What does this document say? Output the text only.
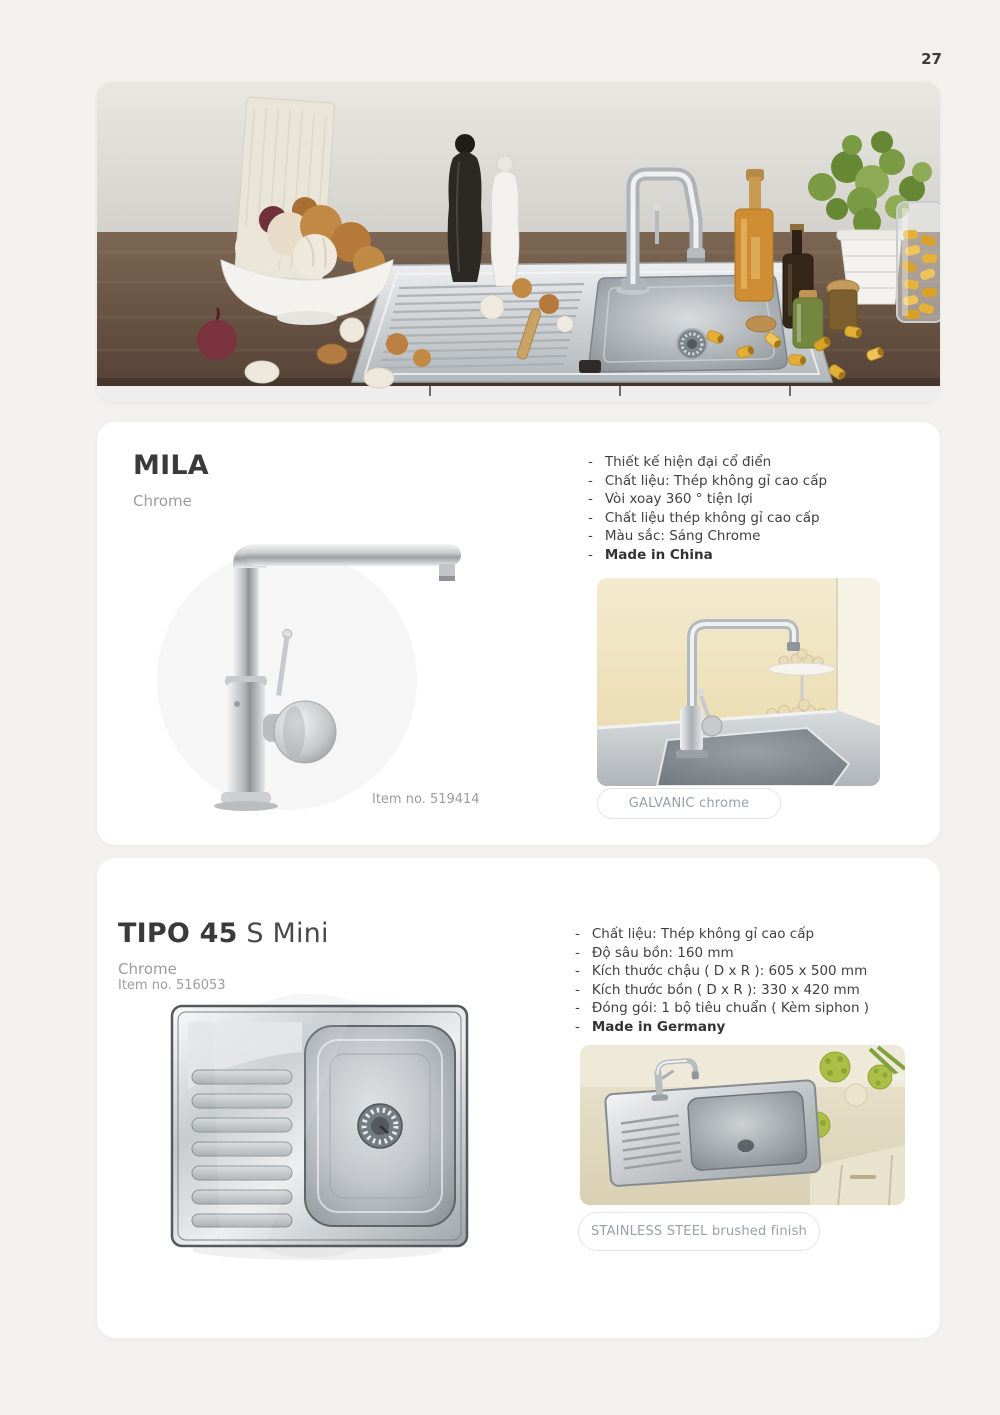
27
MILA
Chrome
Item no. 519414
- Thiết kế hiện đại cổ điển
- Chất liệu: Thép không gỉ cao cấp
- Vòi xoay 360 ° tiện lợi
- Chất liệu thép không gỉ cao cấp
- Màu sắc: Sáng Chrome
- Made in China
GALVANIC chrome
TIPO 45 S Mini
Chrome
Item no. 516053
- Chất liệu: Thép không gỉ cao cấp
- Độ sâu bồn: 160 mm
- Kích thước chậu ( D x R ): 605 x 500 mm
- Kích thước bồn ( D x R ): 330 x 420 mm
- Đóng gói: 1 bộ tiêu chuẩn ( Kèm siphon )
- Made in Germany
STAINLESS STEEL brushed finish
